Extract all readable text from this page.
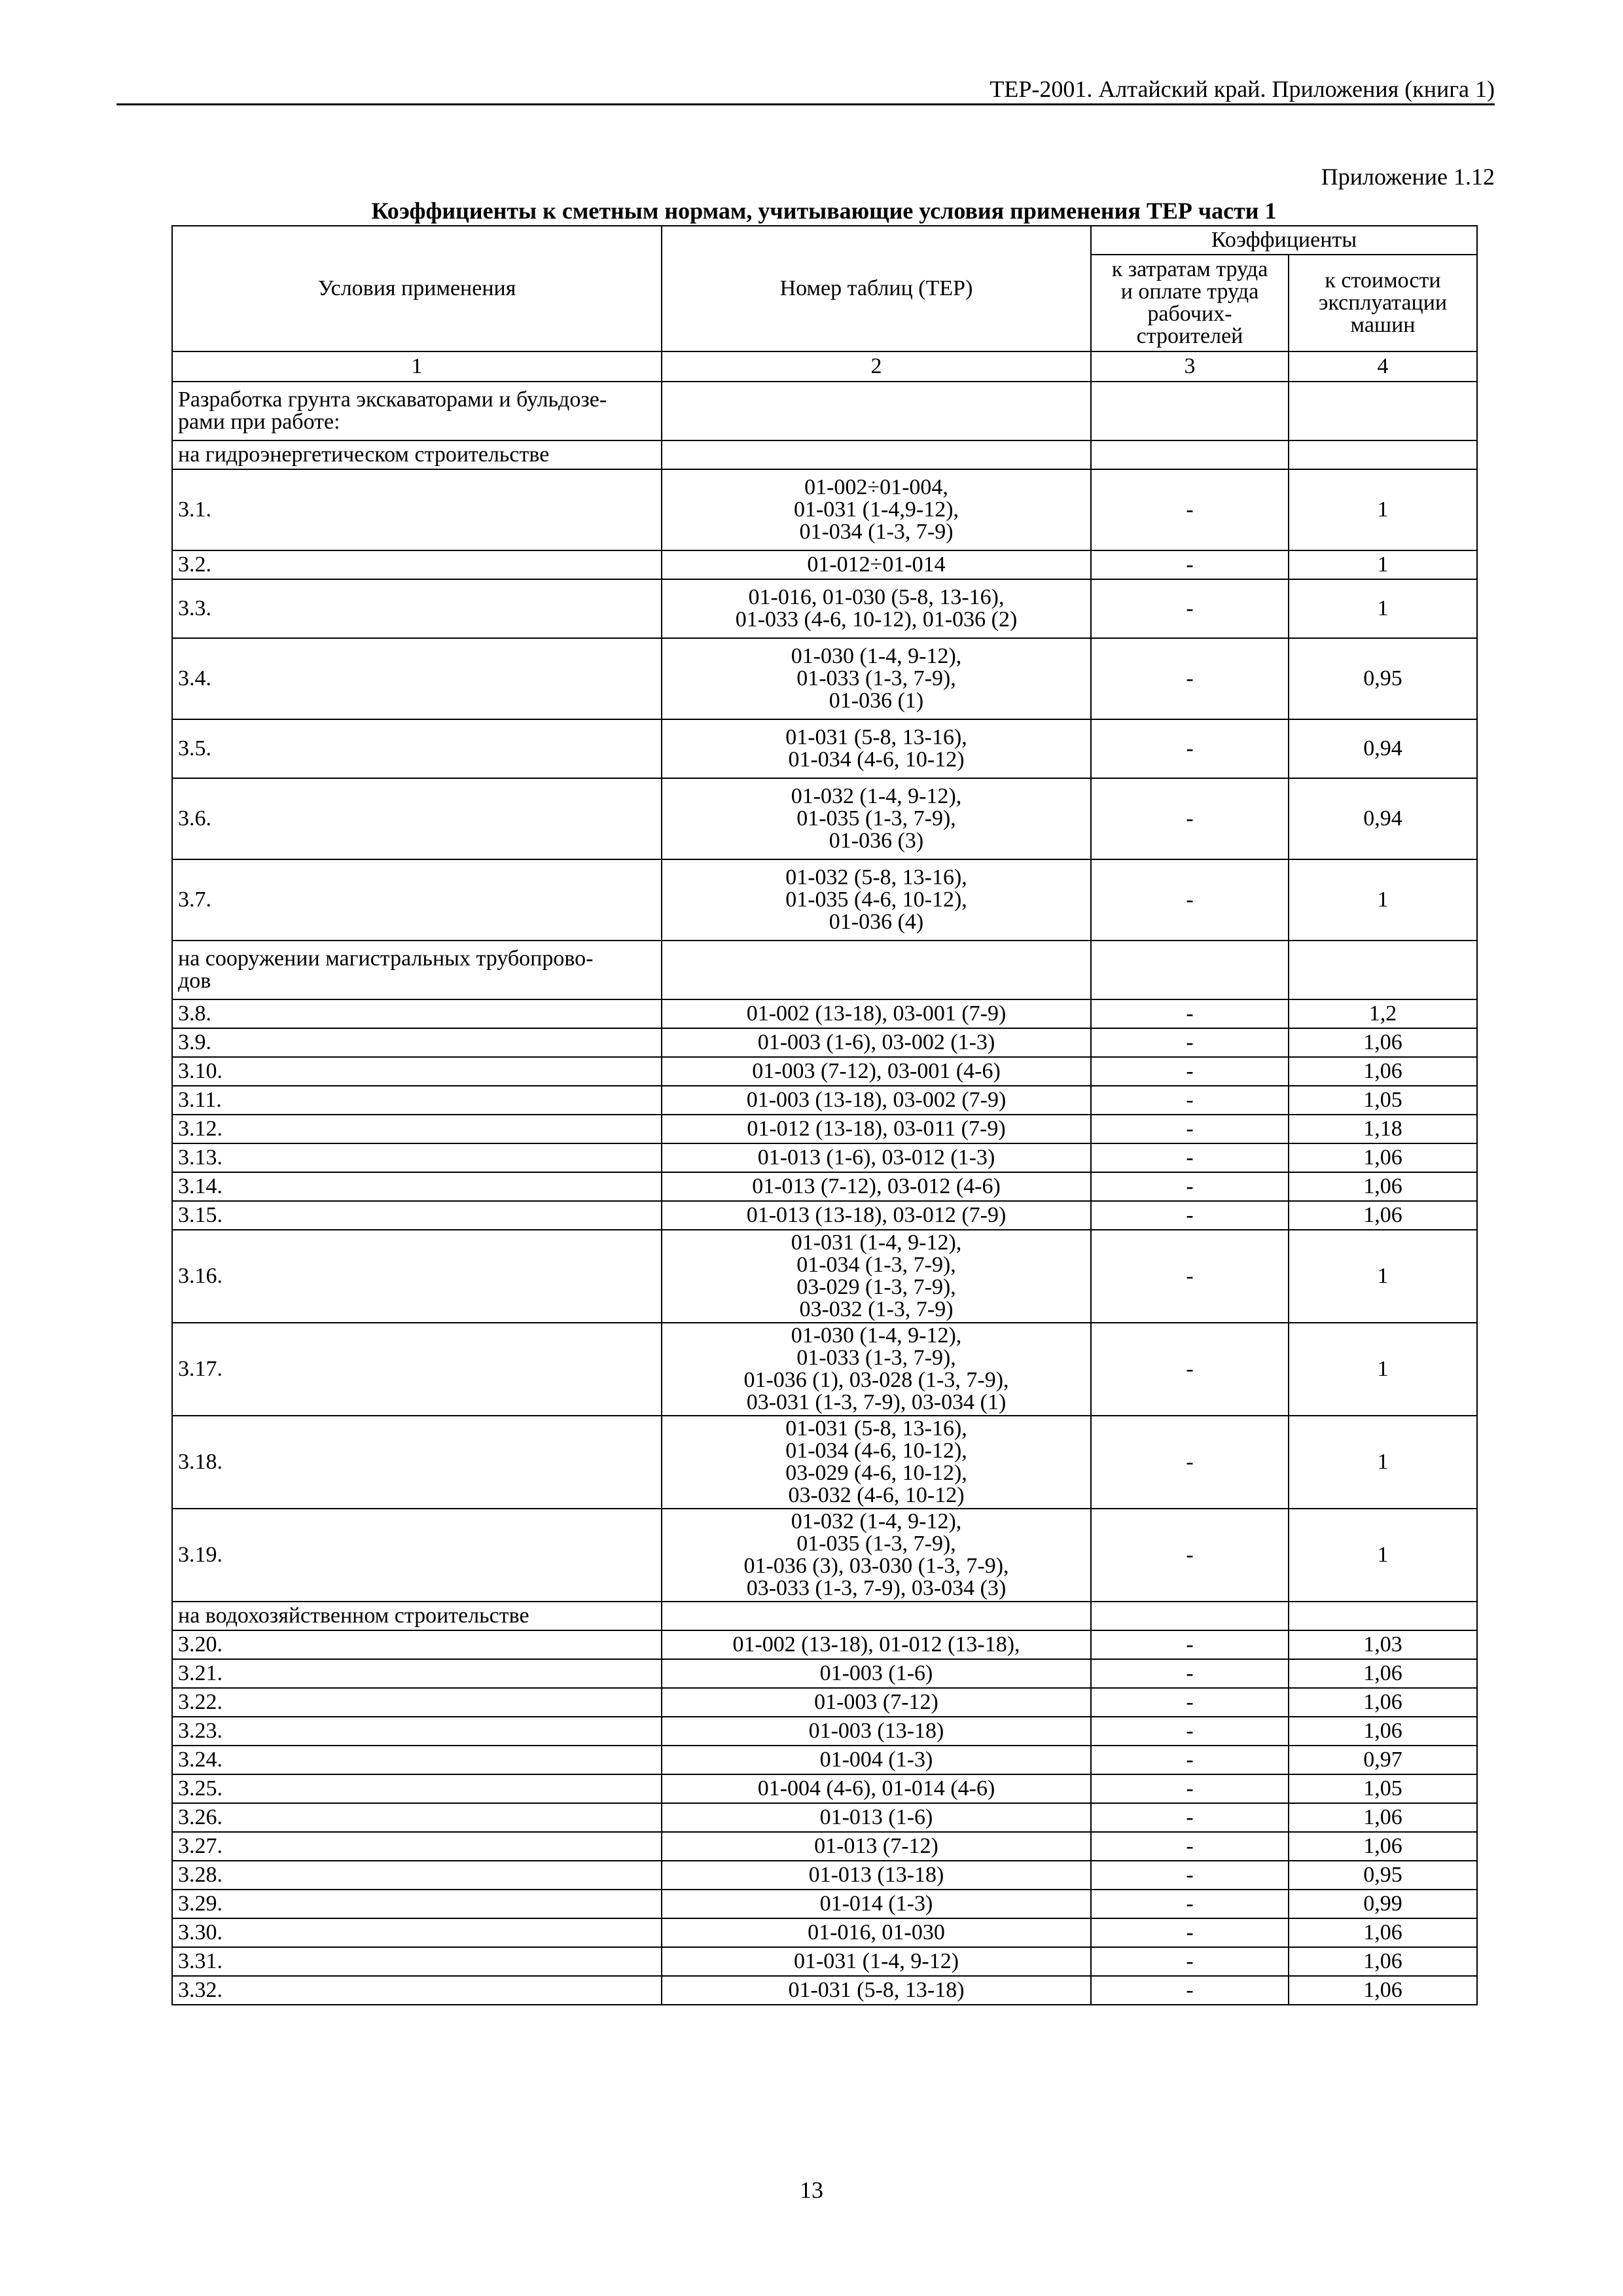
ТЕР-2001. Алтайский край. Приложения (книга 1)
Приложение 1.12
Коэффициенты к сметным нормам, учитывающие условия применения ТЕР части 1
Условия применения	Номер таблиц (ТЕР)	Коэффициенты	
		к затратам труда
и оплате труда
рабочих-
строителей	к стоимости
эксплуатации
машин
1	2	3	4
Разработка грунта экскаваторами и бульдозе-
рами при работе:			
на гидроэнергетическом строительстве			
3.1.	01-002÷01-004,
01-031 (1-4,9-12),
01-034 (1-3, 7-9)	-	1
3.2.	01-012÷01-014	-	1
3.3.	01-016, 01-030 (5-8, 13-16),
01-033 (4-6, 10-12), 01-036 (2)	-	1
3.4.	01-030 (1-4, 9-12),
01-033 (1-3, 7-9),
01-036 (1)	-	0,95
3.5.	01-031 (5-8, 13-16),
01-034 (4-6, 10-12)	-	0,94
3.6.	01-032 (1-4, 9-12),
01-035 (1-3, 7-9),
01-036 (3)	-	0,94
3.7.	01-032 (5-8, 13-16),
01-035 (4-6, 10-12),
01-036 (4)	-	1
на сооружении магистральных трубопрово-
дов			
3.8.	01-002 (13-18), 03-001 (7-9)	-	1,2
3.9.	01-003 (1-6), 03-002 (1-3)	-	1,06
3.10.	01-003 (7-12), 03-001 (4-6)	-	1,06
3.11.	01-003 (13-18), 03-002 (7-9)	-	1,05
3.12.	01-012 (13-18), 03-011 (7-9)	-	1,18
3.13.	01-013 (1-6), 03-012 (1-3)	-	1,06
3.14.	01-013 (7-12), 03-012 (4-6)	-	1,06
3.15.	01-013 (13-18), 03-012 (7-9)	-	1,06
3.16.	01-031 (1-4, 9-12),
01-034 (1-3, 7-9),
03-029 (1-3, 7-9),
03-032 (1-3, 7-9)	-	1
3.17.	01-030 (1-4, 9-12),
01-033 (1-3, 7-9),
01-036 (1), 03-028 (1-3, 7-9),
03-031 (1-3, 7-9), 03-034 (1)	-	1
3.18.	01-031 (5-8, 13-16),
01-034 (4-6, 10-12),
03-029 (4-6, 10-12),
03-032 (4-6, 10-12)	-	1
3.19.	01-032 (1-4, 9-12),
01-035 (1-3, 7-9),
01-036 (3), 03-030 (1-3, 7-9),
03-033 (1-3, 7-9), 03-034 (3)	-	1
на водохозяйственном строительстве			
3.20.	01-002 (13-18), 01-012 (13-18),	-	1,03
3.21.	01-003 (1-6)	-	1,06
3.22.	01-003 (7-12)	-	1,06
3.23.	01-003 (13-18)	-	1,06
3.24.	01-004 (1-3)	-	0,97
3.25.	01-004 (4-6), 01-014 (4-6)	-	1,05
3.26.	01-013 (1-6)	-	1,06
3.27.	01-013 (7-12)	-	1,06
3.28.	01-013 (13-18)	-	0,95
3.29.	01-014 (1-3)	-	0,99
3.30.	01-016, 01-030	-	1,06
3.31.	01-031 (1-4, 9-12)	-	1,06
3.32.	01-031 (5-8, 13-18)	-	1,06
13
